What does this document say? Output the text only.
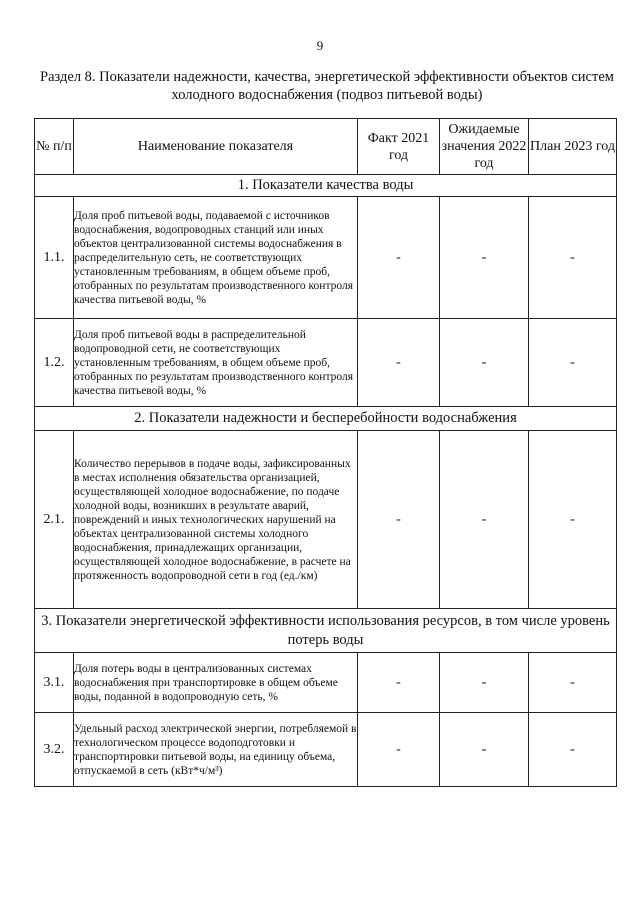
9
Раздел 8. Показатели надежности, качества, энергетической эффективности объектов систем холодного водоснабжения (подвоз питьевой воды)
№ п/п	Наименование показателя	Факт 2021 год	Ожидаемые значения 2022 год	План 2023 год
1. Показатели качества воды				
1.1.	Доля проб питьевой воды, подаваемой с источников водоснабжения, водопроводных станций или иных объектов централизованной системы водоснабжения в распределительную сеть, не соответствующих установленным требованиям, в общем объеме проб, отобранных по результатам производственного контроля качества питьевой воды, %	-	-	-
1.2.	Доля проб питьевой воды в распределительной водопроводной сети, не соответствующих установленным требованиям, в общем объеме проб, отобранных по результатам производственного контроля качества питьевой воды, %	-	-	-
2. Показатели надежности и бесперебойности водоснабжения				
2.1.	Количество перерывов в подаче воды, зафиксированных в местах исполнения обязательства организацией, осуществляющей холодное водоснабжение, по подаче холодной воды, возникших в результате аварий, повреждений и иных технологических нарушений на объектах централизованной системы холодного водоснабжения, принадлежащих организации, осуществляющей холодное водоснабжение, в расчете на протяженность водопроводной сети в год (ед./км)	-	-	-
3. Показатели энергетической эффективности использования ресурсов, в том числе уровень потерь воды				
3.1.	Доля потерь воды в централизованных системах водоснабжения при транспортировке в общем объеме воды, поданной в водопроводную сеть, %	-	-	-
3.2.	Удельный расход электрической энергии, потребляемой в технологическом процессе водоподготовки и транспортировки питьевой воды, на единицу объема, отпускаемой в сеть (кВт*ч/м³)	-	-	-
